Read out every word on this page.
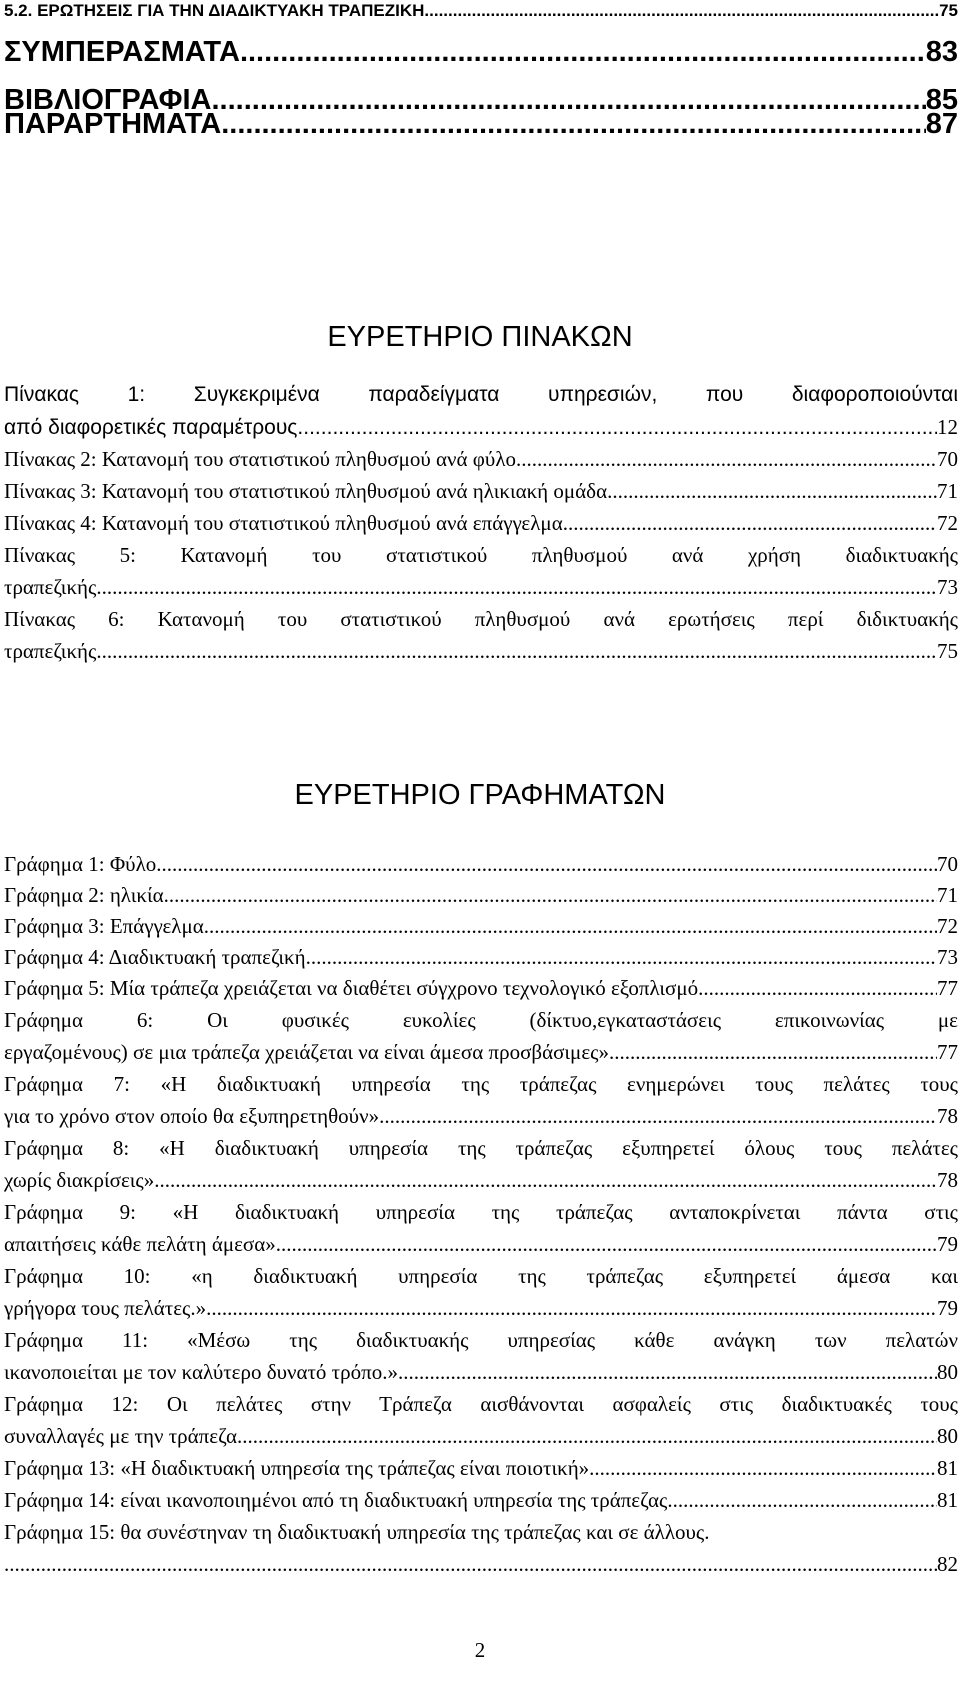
5.2. ΕΡΩΤΗΣΕΙΣ ΓΙΑ ΤΗΝ ΔΙΑΔΙΚΤΥΑΚΗ ΤΡΑΠΕΖΙΚΗ .....	75
ΣΥΜΠΕΡΑΣΜΑΤΑ .....	83
ΒΙΒΛΙΟΓΡΑΦΙΑ .....	85
ΠΑΡΑΡΤΗΜΑΤΑ .....	87
ΕΥΡΕΤΗΡΙΟ ΠΙΝΑΚΩΝ
Πίνακας 1: Συγκεκριμένα παραδείγματα υπηρεσιών, που διαφοροποιούνται
από διαφορετικές παραμέτρους. .....	12
Πίνακας 2: Κατανομή του στατιστικού πληθυσμού ανά φύλο. .....	70
Πίνακας 3: Κατανομή του στατιστικού πληθυσμού ανά ηλικιακή ομάδα .....	71
Πίνακας 4: Κατανομή του στατιστικού πληθυσμού ανά επάγγελμα .....	72
Πίνακας 5: Κατανομή του στατιστικού πληθυσμού ανά χρήση διαδικτυακής
τραπεζικής .....	73
Πίνακας 6: Κατανομή του στατιστικού πληθυσμού ανά ερωτήσεις περί διδικτυακής
τραπεζικής .....	75
ΕΥΡΕΤΗΡΙΟ ΓΡΑΦΗΜΑΤΩΝ
Γράφημα 1: Φύλο .....	70
Γράφημα 2: ηλικία .....	71
Γράφημα 3: Επάγγελμα .....	72
Γράφημα 4: Διαδικτυακή τραπεζική .....	73
Γράφημα 5: Μία τράπεζα χρειάζεται να διαθέτει σύγχρονο τεχνολογικό εξοπλισμό .....	77
Γράφημα 6: Οι φυσικές ευκολίες (δίκτυο,εγκαταστάσεις επικοινωνίας με
εργαζομένους) σε μια τράπεζα χρειάζεται να είναι άμεσα προσβάσιμες» .....	77
Γράφημα 7: «Η διαδικτυακή υπηρεσία της τράπεζας ενημερώνει τους πελάτες τους
για το χρόνο στον οποίο θα εξυπηρετηθούν» .....	78
Γράφημα 8: «Η διαδικτυακή υπηρεσία της τράπεζας εξυπηρετεί όλους τους πελάτες
χωρίς διακρίσεις» .....	78
Γράφημα 9: «Η διαδικτυακή υπηρεσία της τράπεζας ανταποκρίνεται πάντα στις
απαιτήσεις κάθε πελάτη άμεσα» .....	79
Γράφημα 10: «η διαδικτυακή υπηρεσία της τράπεζας εξυπηρετεί άμεσα και
γρήγορα τους πελάτες.» .....	79
Γράφημα 11: «Μέσω της διαδικτυακής υπηρεσίας κάθε ανάγκη των πελατών
ικανοποιείται με τον καλύτερο δυνατό τρόπο.» .....	80
Γράφημα 12: Οι πελάτες στην Τράπεζα αισθάνονται ασφαλείς στις διαδικτυακές τους
συναλλαγές με την τράπεζα .....	80
Γράφημα 13: «Η διαδικτυακή υπηρεσία της τράπεζας είναι ποιοτική» .....	81
Γράφημα 14: είναι ικανοποιημένοι από τη διαδικτυακή υπηρεσία της τράπεζας .....	81
Γράφημα 15: θα συνέστηναν τη διαδικτυακή υπηρεσία της τράπεζας και σε άλλους.
.....
82
2
